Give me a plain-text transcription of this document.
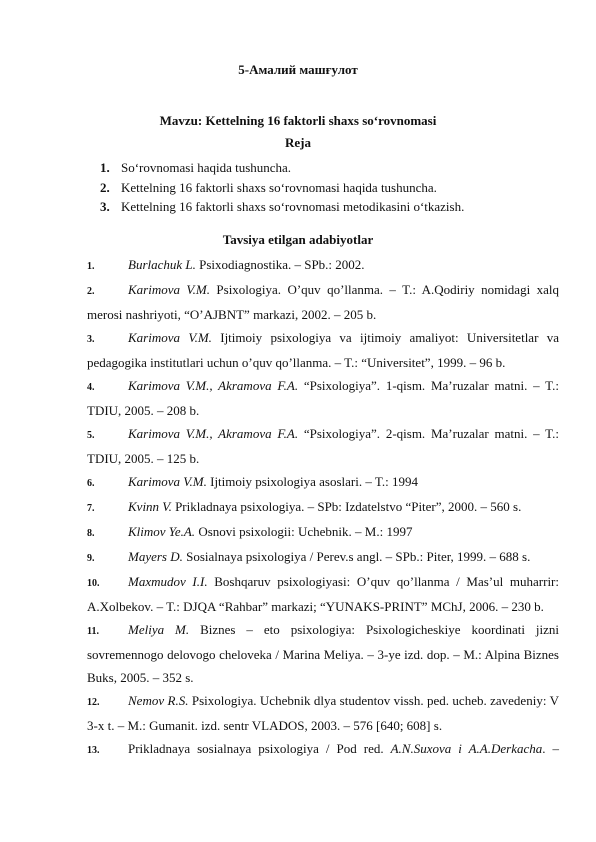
5-Амалий машғулот
Mavzu: Kettelning 16 faktorli shaxs so‘rovnomasi
Reja
1. So‘rovnomasi haqida tushuncha.
2. Kettelning 16 faktorli shaxs so‘rovnomasi haqida tushuncha.
3. Kettelning 16 faktorli shaxs so‘rovnomasi metodikasini o‘tkazish.
Tavsiya etilgan adabiyotlar
1.	Burlachuk L. Psixodiagnostika. – SPb.: 2002.
2.	Karimova V.M. Psixologiya. O’quv qo’llanma. – T.: A.Qodiriy nomidagi xalq merosi nashriyoti, “O’AJBNT” markazi, 2002. – 205 b.
3.	Karimova V.M. Ijtimoiy psixologiya va ijtimoiy amaliyot: Universitetlar va pedagogika institutlari uchun o’quv qo’llanma. – T.: “Universitet”, 1999. – 96 b.
4.	Karimova V.M., Akramova F.A. “Psixologiya”. 1-qism. Ma’ruzalar matni. – T.: TDIU, 2005. – 208 b.
5.	Karimova V.M., Akramova F.A. “Psixologiya”. 2-qism. Ma’ruzalar matni. – T.: TDIU, 2005. – 125 b.
6.	Karimova V.M. Ijtimoiy psixologiya asoslari. – T.: 1994
7.	Kvinn V. Prikladnaya psixologiya. – SPb: Izdatelstvo “Piter”, 2000. – 560 s.
8.	Klimov Ye.A. Osnovi psixologii: Uchebnik. – M.: 1997
9.	Mayers D. Sosialnaya psixologiya / Perev.s angl. – SPb.: Piter, 1999. – 688 s.
10. Maxmudov I.I. Boshqaruv psixologiyasi: O’quv qo’llanma / Mas’ul muharrir: A.Xolbekov. – T.: DJQA “Rahbar” markazi; “YUNAKS-PRINT” MChJ, 2006. – 230 b.
11. Meliya M. Biznes – eto psixologiya: Psixologicheskiye koordinati jizni sovremennogo delovogo cheloveka / Marina Meliya. – 3-ye izd. dop. – M.: Alpina Biznes Buks, 2005. – 352 s.
12. Nemov R.S. Psixologiya. Uchebnik dlya studentov vissh. ped. ucheb. zavedeniy: V 3-x t. – M.: Gumanit. izd. sentr VLADOS, 2003. – 576 [640; 608] s.
13. Prikladnaya sosialnaya psixologiya / Pod red. A.N.Suxova i A.A.Derkacha. –
